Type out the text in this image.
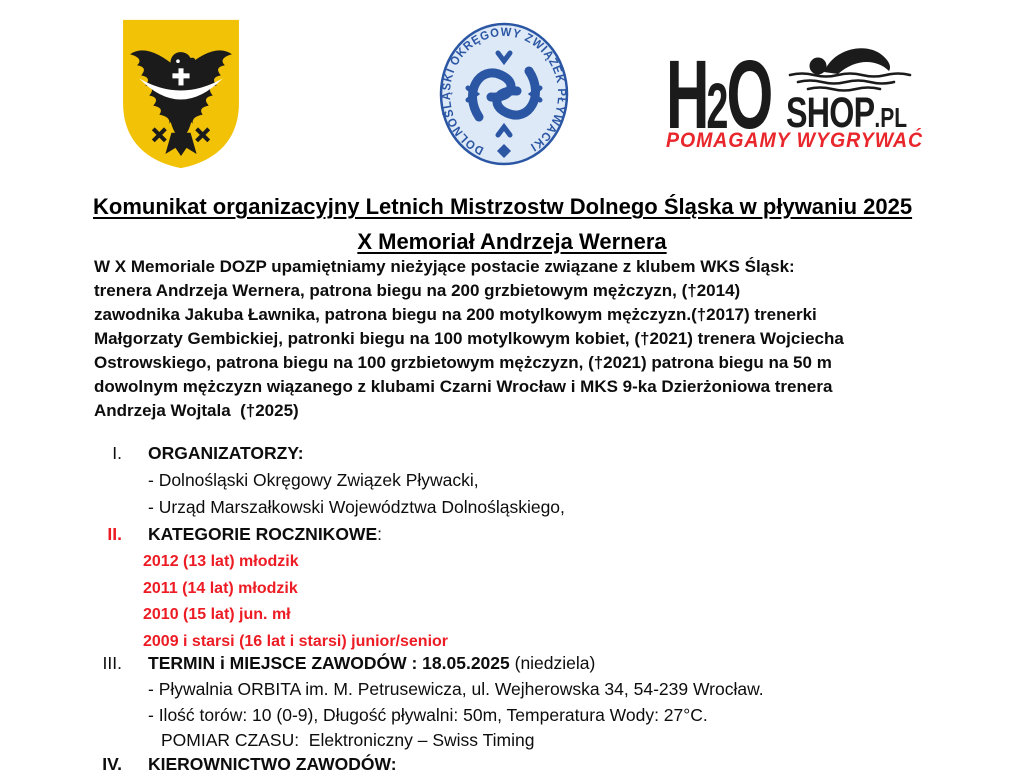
DOLNOŚLĄSKI OKRĘGOWY ZWIĄZEK PŁYWACKI	H2O SHOP.PL
POMAGAMY WYGRYWAĆ
Komunikat organizacyjny Letnich Mistrzostw Dolnego Śląska w pływaniu 2025
X Memoriał Andrzeja Wernera
W X Memoriale DOZP upamiętniamy nieżyjące postacie związane z klubem WKS Śląsk:
trenera Andrzeja Wernera, patrona biegu na 200 grzbietowym mężczyzn, (†2014)
zawodnika Jakuba Ławnika, patrona biegu na 200 motylkowym mężczyzn.(†2017) trenerki
Małgorzaty Gembickiej, patronki biegu na 100 motylkowym kobiet, (†2021) trenera Wojciecha
Ostrowskiego, patrona biegu na 100 grzbietowym mężczyzn, (†2021) patrona biegu na 50 m
dowolnym mężczyzn wiązanego z klubami Czarni Wrocław i MKS 9-ka Dzierżoniowa trenera
Andrzeja Wojtala  (†2025)
I. ORGANIZATORZY:
- Dolnośląski Okręgowy Związek Pływacki,
- Urząd Marszałkowski Województwa Dolnośląskiego,
II. KATEGORIE ROCZNIKOWE:
2012 (13 lat) młodzik
2011 (14 lat) młodzik
2010 (15 lat) jun. mł
2009 i starsi (16 lat i starsi) junior/senior
III. TERMIN i MIEJSCE ZAWODÓW : 18.05.2025 (niedziela)
- Pływalnia ORBITA im. M. Petrusewicza, ul. Wejherowska 34, 54-239 Wrocław.
- Ilość torów: 10 (0-9), Długość pływalni: 50m, Temperatura Wody: 27°C.
POMIAR CZASU:  Elektroniczny – Swiss Timing
IV. KIEROWNICTWO ZAWODÓW:
